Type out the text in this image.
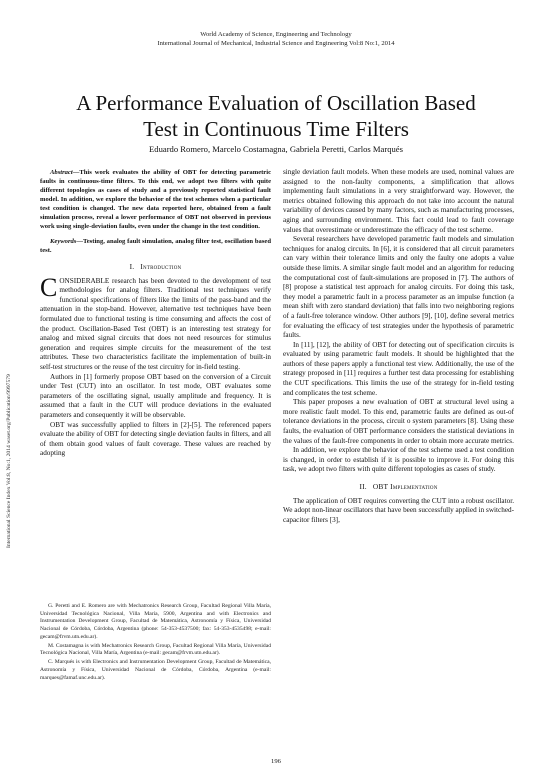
World Academy of Science, Engineering and Technology
International Journal of Mechanical, Industrial Science and Engineering Vol:8 No:1, 2014
International Science Index Vol:8, No:1, 2014 waset.org/Publication/9997579
A Performance Evaluation of Oscillation Based
Test in Continuous Time Filters
Eduardo Romero, Marcelo Costamagna, Gabriela Peretti, Carlos Marqués

Abstract—This work evaluates the ability of OBT for detecting parametric faults in continuous-time filters. To this end, we adopt two filters with quite different topologies as cases of study and a previously reported statistical fault model. In addition, we explore the behavior of the test schemes when a particular test condition is changed. The new data reported here, obtained from a fault simulation process, reveal a lower performance of OBT not observed in previous work using single-deviation faults, even under the change in the test condition.

Keywords—Testing, analog fault simulation, analog filter test, oscillation based test.

I. Introduction

CONSIDERABLE research has been devoted to the development of test methodologies for analog filters. Traditional test techniques verify functional specifications of filters like the limits of the pass-band and the attenuation in the stop-band. However, alternative test techniques have been formulated due to functional testing is time consuming and affects the cost of the product. Oscillation-Based Test (OBT) is an interesting test strategy for analog and mixed signal circuits that does not need resources for stimulus generation and requires simple circuits for the measurement of the test attributes. These two characteristics facilitate the implementation of built-in self-test structures or the reuse of the test circuitry for in-field testing.

Authors in [1] formerly propose OBT based on the conversion of a Circuit under Test (CUT) into an oscillator. In test mode, OBT evaluates some parameters of the oscillating signal, usually amplitude and frequency. It is assumed that a fault in the CUT will produce deviations in the evaluated parameters and consequently it will be observable.

OBT was successfully applied to filters in [2]-[5]. The referenced papers evaluate the ability of OBT for detecting single deviation faults in filters, and all of them obtain good values of fault coverage. These values are reached by adopting

G. Peretti and E. Romero are with Mechatronics Research Group, Facultad Regional Villa María, Universidad Tecnológica Nacional, Villa María, 5900, Argentina and with Electronics and Instrumentation Development Group, Facultad de Matemática, Astronomía y Física, Universidad Nacional de Córdoba, Córdoba, Argentina (phone: 54-353-4537500; fax: 54-353-4535498; e-mail: gecam@frvm.utn.edu.ar).

M. Costamagna is with Mechatronics Research Group, Facultad Regional Villa María, Universidad Tecnológica Nacional, Villa María, Argentina (e-mail: gecam@frvm.utn.edu.ar).

C. Marqués is with Electronics and Instrumentation Development Group, Facultad de Matemática, Astronomía y Física, Universidad Nacional de Córdoba, Córdoba, Argentina (e-mail: marques@famaf.unc.edu.ar).

single deviation fault models. When these models are used, nominal values are assigned to the non-faulty components, a simplification that allows implementing fault simulations in a very straightforward way. However, the metrics obtained following this approach do not take into account the natural variability of devices caused by many factors, such as manufacturing processes, aging and surrounding environment. This fact could lead to fault coverage values that overestimate or underestimate the efficacy of the test scheme.

Several researchers have developed parametric fault models and simulation techniques for analog circuits. In [6], it is considered that all circuit parameters can vary within their tolerance limits and only the faulty one adopts a value outside these limits. A similar single fault model and an algorithm for reducing the computational cost of fault-simulations are proposed in [7]. The authors of [8] propose a statistical test approach for analog circuits. For doing this task, they model a parametric fault in a process parameter as an impulse function (a mean shift with zero standard deviation) that falls into two neighboring regions of a fault-free tolerance window. Other authors [9], [10], define several metrics for evaluating the efficacy of test strategies under the hypothesis of parametric faults.

In [11], [12], the ability of OBT for detecting out of specification circuits is evaluated by using parametric fault models. It should be highlighted that the authors of these papers apply a functional test view. Additionally, the use of the strategy proposed in [11] requires a further test data processing for establishing the CUT specifications. This limits the use of the strategy for in-field testing and complicates the test scheme.

This paper proposes a new evaluation of OBT at structural level using a more realistic fault model. To this end, parametric faults are defined as out-of tolerance deviations in the process, circuit o system parameters [8]. Using these faults, the evaluation of OBT performance considers the statistical deviations in the values of the fault-free components in order to obtain more accurate metrics.

In addition, we explore the behavior of the test scheme used a test condition is changed, in order to establish if it is possible to improve it. For doing this task, we adopt two filters with quite different topologies as cases of study.

II. OBT Implementation

The application of OBT requires converting the CUT into a robust oscillator. We adopt non-linear oscillators that have been successfully applied in switched- capacitor filters [3],

196
